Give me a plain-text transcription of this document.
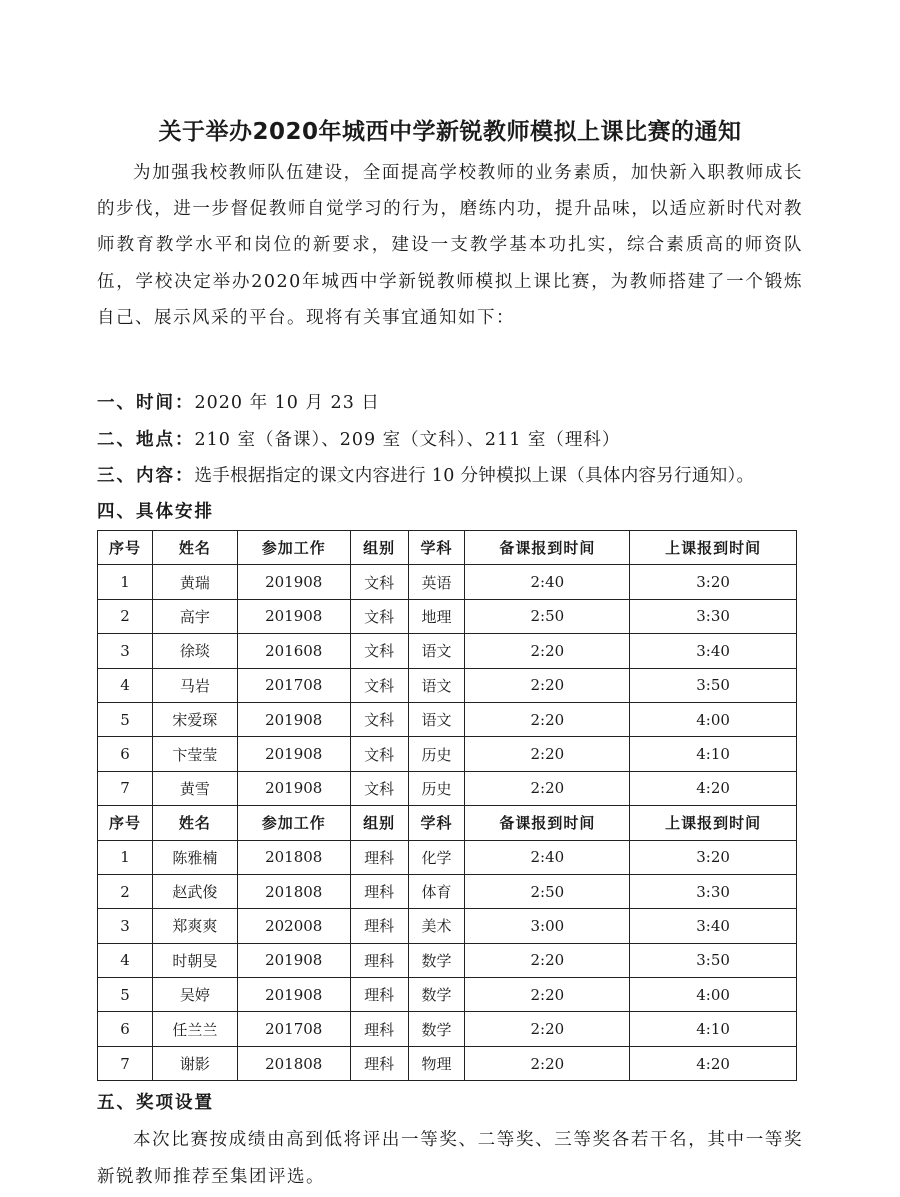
关于举办2020年城西中学新锐教师模拟上课比赛的通知
为加强我校教师队伍建设，全面提高学校教师的业务素质，加快新入职教师成长的步伐，进一步督促教师自觉学习的行为，磨练内功，提升品味，以适应新时代对教师教育教学水平和岗位的新要求，建设一支教学基本功扎实，综合素质高的师资队伍，学校决定举办2020年城西中学新锐教师模拟上课比赛，为教师搭建了一个锻炼自己、展示风采的平台。现将有关事宜通知如下：
一、时间：2020 年 10 月 23 日
二、地点：210 室（备课）、209 室（文科）、211 室（理科）
三、内容：选手根据指定的课文内容进行 10 分钟模拟上课（具体内容另行通知）。
四、具体安排
序号	姓名	参加工作	组别	学科	备课报到时间	上课报到时间
1	黄瑞	201908	文科	英语	2:40	3:20
2	高宇	201908	文科	地理	2:50	3:30
3	徐琰	201608	文科	语文	2:20	3:40
4	马岩	201708	文科	语文	2:20	3:50
5	宋爱琛	201908	文科	语文	2:20	4:00
6	卞莹莹	201908	文科	历史	2:20	4:10
7	黄雪	201908	文科	历史	2:20	4:20
序号	姓名	参加工作	组别	学科	备课报到时间	上课报到时间
1	陈雅楠	201808	理科	化学	2:40	3:20
2	赵武俊	201808	理科	体育	2:50	3:30
3	郑爽爽	202008	理科	美术	3:00	3:40
4	时朝旻	201908	理科	数学	2:20	3:50
5	吴婷	201908	理科	数学	2:20	4:00
6	任兰兰	201708	理科	数学	2:20	4:10
7	谢影	201808	理科	物理	2:20	4:20
五、奖项设置
本次比赛按成绩由高到低将评出一等奖、二等奖、三等奖各若干名，其中一等奖新锐教师推荐至集团评选。
